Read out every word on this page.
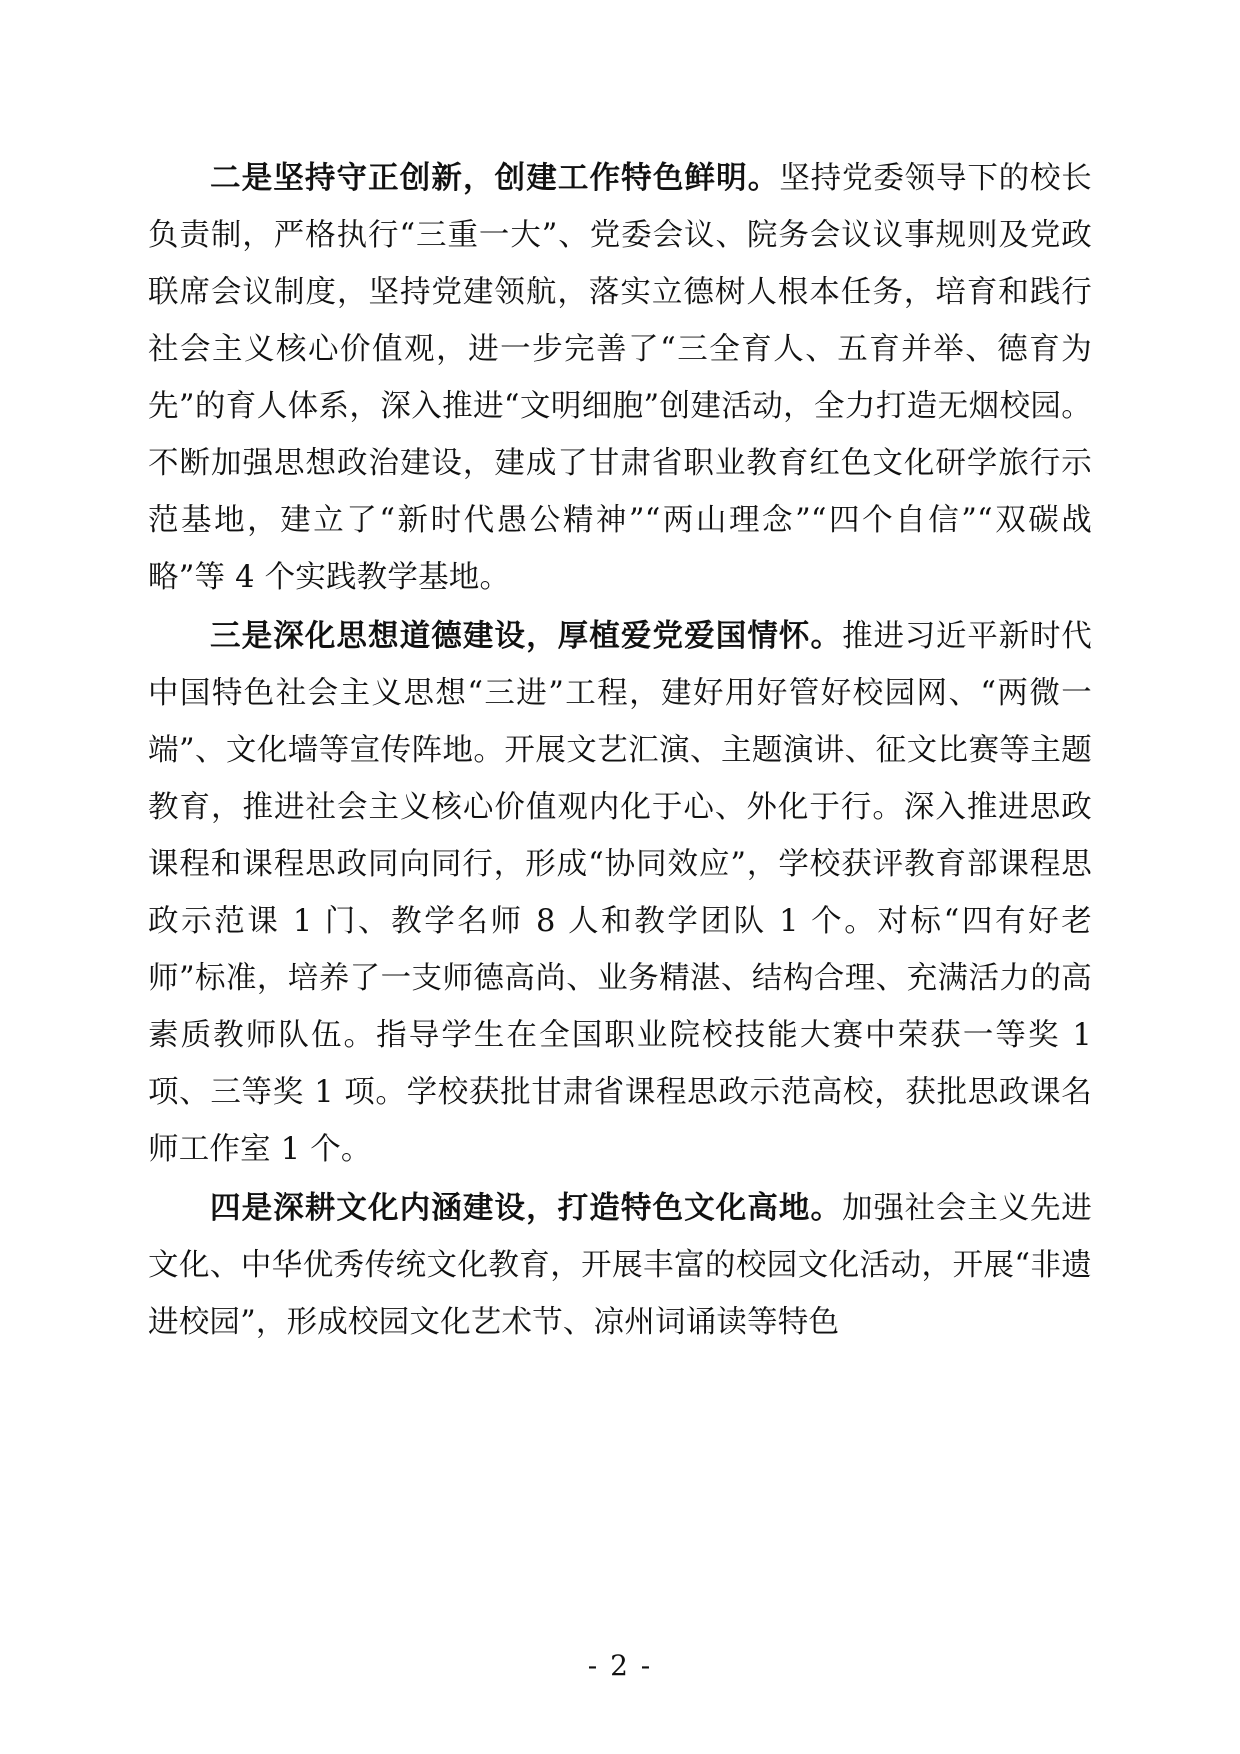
二是坚持守正创新，创建工作特色鲜明。坚持党委领导下的校长负责制，严格执行“三重一大”、党委会议、院务会议议事规则及党政联席会议制度，坚持党建领航，落实立德树人根本任务，培育和践行社会主义核心价值观，进一步完善了“三全育人、五育并举、德育为先”的育人体系，深入推进“文明细胞”创建活动，全力打造无烟校园。不断加强思想政治建设，建成了甘肃省职业教育红色文化研学旅行示范基地，建立了“新时代愚公精神”“两山理念”“四个自信”“双碳战略”等 4 个实践教学基地。

三是深化思想道德建设，厚植爱党爱国情怀。推进习近平新时代中国特色社会主义思想“三进”工程，建好用好管好校园网、“两微一端”、文化墙等宣传阵地。开展文艺汇演、主题演讲、征文比赛等主题教育，推进社会主义核心价值观内化于心、外化于行。深入推进思政课程和课程思政同向同行，形成“协同效应”，学校获评教育部课程思政示范课 1 门、教学名师 8 人和教学团队 1 个。对标“四有好老师”标准，培养了一支师德高尚、业务精湛、结构合理、充满活力的高素质教师队伍。指导学生在全国职业院校技能大赛中荣获一等奖 1 项、三等奖 1 项。学校获批甘肃省课程思政示范高校，获批思政课名师工作室 1 个。

四是深耕文化内涵建设，打造特色文化高地。加强社会主义先进文化、中华优秀传统文化教育，开展丰富的校园文化活动，开展“非遗进校园”，形成校园文化艺术节、凉州词诵读等特色

- 2 -
